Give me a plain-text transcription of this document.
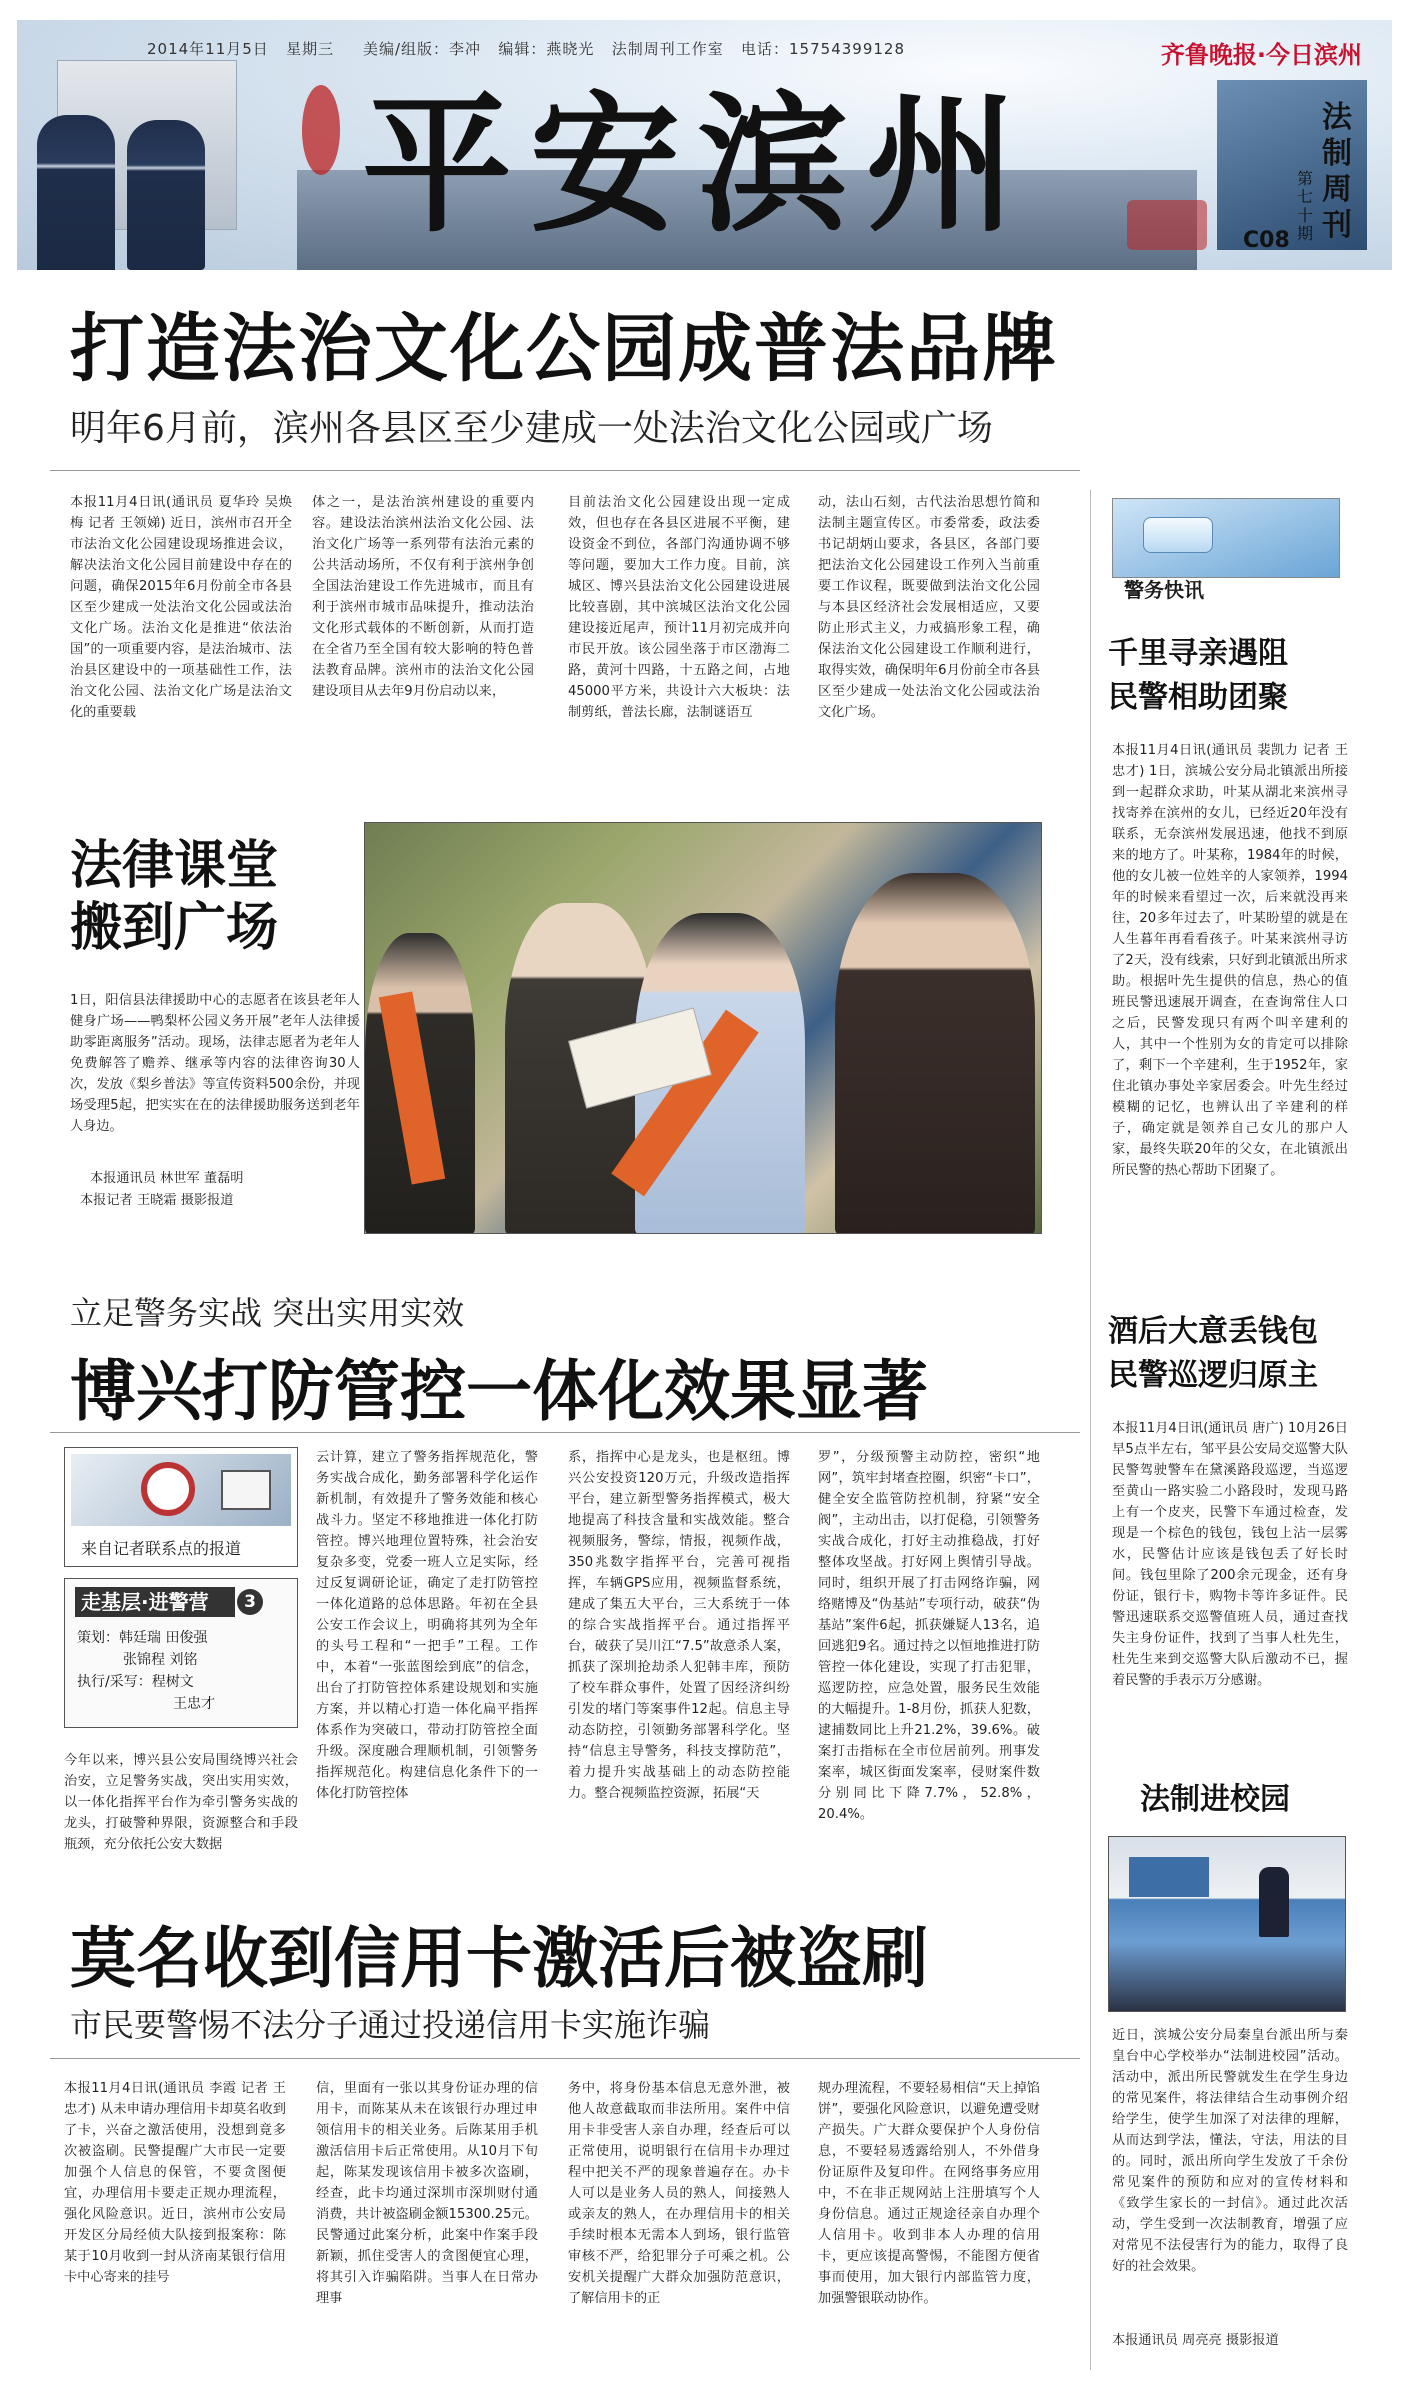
2014年11月5日 星期三 美编/组版：李冲 编辑：燕晓光 法制周刊工作室 电话：15754399128
平安滨州
齐鲁晚报·今日滨州
法
制
周
刊
第
七
十
期
C08
打造法治文化公园成普法品牌
明年6月前，滨州各县区至少建成一处法治文化公园或广场
本报11月4日讯(通讯员 夏华玲 吴焕梅 记者 王领娣) 近日，滨州市召开全市法治文化公园建设现场推进会议，解决法治文化公园目前建设中存在的问题，确保2015年6月份前全市各县区至少建成一处法治文化公园或法治文化广场。法治文化是推进“依法治国”的一项重要内容，是法治城市、法治县区建设中的一项基础性工作，法治文化公园、法治文化广场是法治文化的重要载
体之一，是法治滨州建设的重要内容。建设法治滨州法治文化公园、法治文化广场等一系列带有法治元素的公共活动场所，不仅有利于滨州争创全国法治建设工作先进城市，而且有利于滨州市城市品味提升，推动法治文化形式载体的不断创新，从而打造在全省乃至全国有较大影响的特色普法教育品牌。滨州市的法治文化公园建设项目从去年9月份启动以来，
目前法治文化公园建设出现一定成效，但也存在各县区进展不平衡，建设资金不到位，各部门沟通协调不够等问题，要加大工作力度。目前，滨城区、博兴县法治文化公园建设进展比较喜剧，其中滨城区法治文化公园建设接近尾声，预计11月初完成并向市民开放。该公园坐落于市区渤海二路，黄河十四路，十五路之间，占地45000平方米，共设计六大板块：法制剪纸，普法长廊，法制谜语互
动，法山石刻，古代法治思想竹简和法制主题宣传区。市委常委，政法委书记胡炳山要求，各县区，各部门要把法治文化公园建设工作列入当前重要工作议程，既要做到法治文化公园与本县区经济社会发展相适应，又要防止形式主义，力戒搞形象工程，确保法治文化公园建设工作顺利进行，取得实效，确保明年6月份前全市各县区至少建成一处法治文化公园或法治文化广场。
法律课堂
搬到广场
1日，阳信县法律援助中心的志愿者在该县老年人健身广场——鸭梨杯公园义务开展”老年人法律援助零距离服务”活动。现场，法律志愿者为老年人免费解答了赡养、继承等内容的法律咨询30人次，发放《梨乡普法》等宣传资料500余份，并现场受理5起，把实实在在的法律援助服务送到老年人身边。
本报通讯员 林世军 董磊明
本报记者 王晓霜 摄影报道
立足警务实战 突出实用实效
博兴打防管控一体化效果显著
来自记者联系点的报道
走基层·进警营	3
策划：韩廷瑞 田俊强
张锦程 刘铭
执行/采写：程树文
王忠才
今年以来，博兴县公安局围绕博兴社会治安，立足警务实战，突出实用实效，以一体化指挥平台作为牵引警务实战的龙头，打破警种界限，资源整合和手段瓶颈，充分依托公安大数据
云计算，建立了警务指挥规范化，警务实战合成化，勤务部署科学化运作新机制，有效提升了警务效能和核心战斗力。坚定不移地推进一体化打防管控。博兴地理位置特殊，社会治安复杂多变，党委一班人立足实际，经过反复调研论证，确定了走打防管控一体化道路的总体思路。年初在全县公安工作会议上，明确将其列为全年的头号工程和“一把手”工程。工作中，本着“一张蓝图绘到底”的信念，出台了打防管控体系建设规划和实施方案，并以精心打造一体化扁平指挥体系作为突破口，带动打防管控全面升级。深度融合理顺机制，引领警务指挥规范化。构建信息化条件下的一体化打防管控体
系，指挥中心是龙头，也是枢纽。博兴公安投资120万元，升级改造指挥平台，建立新型警务指挥模式，极大地提高了科技含量和实战效能。整合视频服务，警综，情报，视频作战，350兆数字指挥平台，完善可视指挥，车辆GPS应用，视频监督系统，建成了集五大平台，三大系统于一体的综合实战指挥平台。通过指挥平台，破获了吴川江“7.5”故意杀人案，抓获了深圳抢劫杀人犯韩丰库，预防了校车群众事件，处置了因经济纠纷引发的堵门等案事件12起。信息主导动态防控，引领勤务部署科学化。坚持“信息主导警务，科技支撑防范”，着力提升实战基础上的动态防控能力。整合视频监控资源，拓展“天
罗”，分级预警主动防控，密织“地网”，筑牢封堵查控圈，织密“卡口”，健全安全监管防控机制，狩紧“安全阀”，主动出击，以打促稳，引领警务实战合成化，打好主动推稳战，打好整体攻坚战。打好网上舆情引导战。同时，组织开展了打击网络诈骗，网络赌博及“伪基站”专项行动，破获“伪基站”案件6起，抓获嫌疑人13名，追回逃犯9名。通过持之以恒地推进打防管控一体化建设，实现了打击犯罪，巡逻防控，应急处置，服务民生效能的大幅提升。1-8月份，抓获人犯数，逮捕数同比上升21.2%，39.6%。破案打击指标在全市位居前列。刑事发案率，城区街面发案率，侵财案件数分别同比下降7.7%，52.8%，20.4%。
莫名收到信用卡激活后被盗刷
市民要警惕不法分子通过投递信用卡实施诈骗
本报11月4日讯(通讯员 李霞 记者 王忠才) 从未申请办理信用卡却莫名收到了卡，兴奋之激活使用，没想到竟多次被盗刷。民警提醒广大市民一定要加强个人信息的保管，不要贪图便宜，办理信用卡要走正规办理流程，强化风险意识。近日，滨州市公安局开发区分局经侦大队接到报案称：陈某于10月收到一封从济南某银行信用卡中心寄来的挂号
信，里面有一张以其身份证办理的信用卡，而陈某从未在该银行办理过申领信用卡的相关业务。后陈某用手机激活信用卡后正常使用。从10月下旬起，陈某发现该信用卡被多次盗刷，经查，此卡均通过深圳市深圳财付通消费，共计被盗刷金额15300.25元。民警通过此案分析，此案中作案手段新颖，抓住受害人的贪图便宜心理，将其引入诈骗陷阱。当事人在日常办理事
务中，将身份基本信息无意外泄，被他人故意截取而非法所用。案件中信用卡非受害人亲自办理，经查后可以正常使用，说明银行在信用卡办理过程中把关不严的现象普遍存在。办卡人可以是业务人员的熟人，间接熟人或亲友的熟人，在办理信用卡的相关手续时根本无需本人到场，银行监管审核不严，给犯罪分子可乘之机。公安机关提醒广大群众加强防范意识，了解信用卡的正
规办理流程，不要轻易相信“天上掉馅饼”，要强化风险意识，以避免遭受财产损失。广大群众要保护个人身份信息，不要轻易透露给别人，不外借身份证原件及复印件。在网络事务应用中，不在非正规网站上注册填写个人身份信息。通过正规途径亲自办理个人信用卡。收到非本人办理的信用卡，更应该提高警惕，不能图方便省事而使用，加大银行内部监管力度，加强警银联动协作。
警务快讯
千里寻亲遇阻
民警相助团聚
本报11月4日讯(通讯员 裴凯力 记者 王忠才) 1日，滨城公安分局北镇派出所接到一起群众求助，叶某从湖北来滨州寻找寄养在滨州的女儿，已经近20年没有联系，无奈滨州发展迅速，他找不到原来的地方了。叶某称，1984年的时候，他的女儿被一位姓辛的人家领养，1994年的时候来看望过一次，后来就没再来往，20多年过去了，叶某盼望的就是在人生暮年再看看孩子。叶某来滨州寻访了2天，没有线索，只好到北镇派出所求助。根据叶先生提供的信息，热心的值班民警迅速展开调查，在查询常住人口之后，民警发现只有两个叫辛建利的人，其中一个性别为女的肯定可以排除了，剩下一个辛建利，生于1952年，家住北镇办事处辛家居委会。叶先生经过模糊的记忆，也辨认出了辛建利的样子，确定就是领养自己女儿的那户人家，最终失联20年的父女，在北镇派出所民警的热心帮助下团聚了。
酒后大意丢钱包
民警巡逻归原主
本报11月4日讯(通讯员 唐广) 10月26日早5点半左右，邹平县公安局交巡警大队民警驾驶警车在黛溪路段巡逻，当巡逻至黄山一路实验二小路段时，发现马路上有一个皮夹，民警下车通过检查，发现是一个棕色的钱包，钱包上沾一层雾水，民警估计应该是钱包丢了好长时间。钱包里除了200余元现金，还有身份证，银行卡，购物卡等许多证件。民警迅速联系交巡警值班人员，通过查找失主身份证件，找到了当事人杜先生，杜先生来到交巡警大队后激动不已，握着民警的手表示万分感谢。
法制进校园
近日，滨城公安分局秦皇台派出所与秦皇台中心学校举办“法制进校园”活动。活动中，派出所民警就发生在学生身边的常见案件，将法律结合生动事例介绍给学生，使学生加深了对法律的理解，从而达到学法，懂法，守法，用法的目的。同时，派出所向学生发放了千余份常见案件的预防和应对的宣传材料和《致学生家长的一封信》。通过此次活动，学生受到一次法制教育，增强了应对常见不法侵害行为的能力，取得了良好的社会效果。
本报通讯员 周亮亮 摄影报道
